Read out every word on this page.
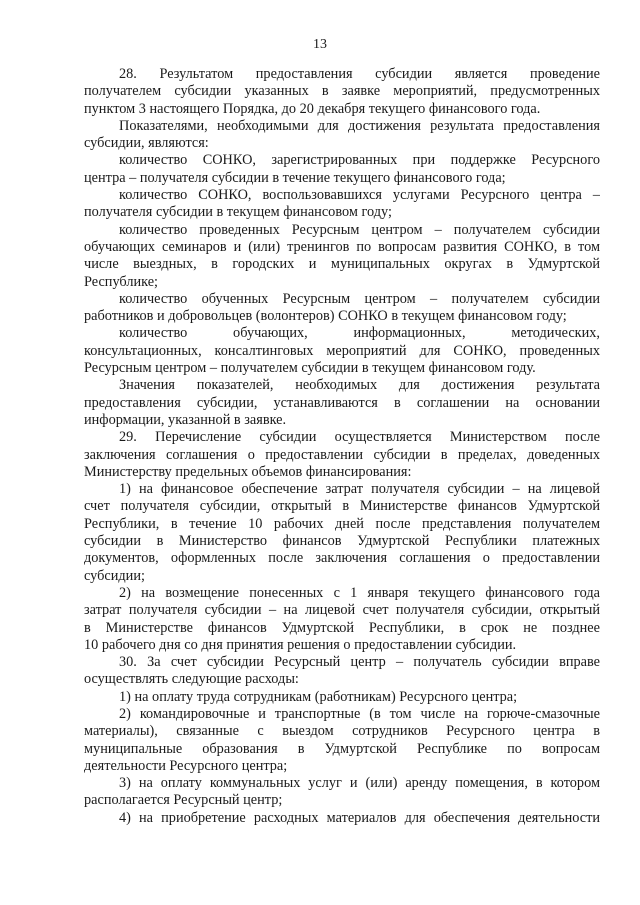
13
28. Результатом предоставления субсидии является проведение
получателем субсидии указанных в заявке мероприятий, предусмотренных
пунктом 3 настоящего Порядка, до 20 декабря текущего финансового года.
Показателями, необходимыми для достижения результата предоставления
субсидии, являются:
количество СОНКО, зарегистрированных при поддержке Ресурсного
центра – получателя субсидии в течение текущего финансового года;
количество СОНКО, воспользовавшихся услугами Ресурсного центра –
получателя субсидии в текущем финансовом году;
количество проведенных Ресурсным центром – получателем субсидии
обучающих семинаров и (или) тренингов по вопросам развития СОНКО, в том
числе выездных, в городских и муниципальных округах в Удмуртской
Республике;
количество обученных Ресурсным центром – получателем субсидии
работников и добровольцев (волонтеров) СОНКО в текущем финансовом году;
количество обучающих, информационных, методических,
консультационных, консалтинговых мероприятий для СОНКО, проведенных
Ресурсным центром – получателем субсидии в текущем финансовом году.
Значения показателей, необходимых для достижения результата
предоставления субсидии, устанавливаются в соглашении на основании
информации, указанной в заявке.
29. Перечисление субсидии осуществляется Министерством после
заключения соглашения о предоставлении субсидии в пределах, доведенных
Министерству предельных объемов финансирования:
1) на финансовое обеспечение затрат получателя субсидии – на лицевой
счет получателя субсидии, открытый в Министерстве финансов Удмуртской
Республики, в течение 10 рабочих дней после представления получателем
субсидии в Министерство финансов Удмуртской Республики платежных
документов, оформленных после заключения соглашения о предоставлении
субсидии;
2) на возмещение понесенных с 1 января текущего финансового года
затрат получателя субсидии – на лицевой счет получателя субсидии, открытый
в Министерстве финансов Удмуртской Республики, в срок не позднее
10 рабочего дня со дня принятия решения о предоставлении субсидии.
30. За счет субсидии Ресурсный центр – получатель субсидии вправе
осуществлять следующие расходы:
1) на оплату труда сотрудникам (работникам) Ресурсного центра;
2) командировочные и транспортные (в том числе на горюче-смазочные
материалы), связанные с выездом сотрудников Ресурсного центра в
муниципальные образования в Удмуртской Республике по вопросам
деятельности Ресурсного центра;
3) на оплату коммунальных услуг и (или) аренду помещения, в котором
располагается Ресурсный центр;
4) на приобретение расходных материалов для обеспечения деятельности
